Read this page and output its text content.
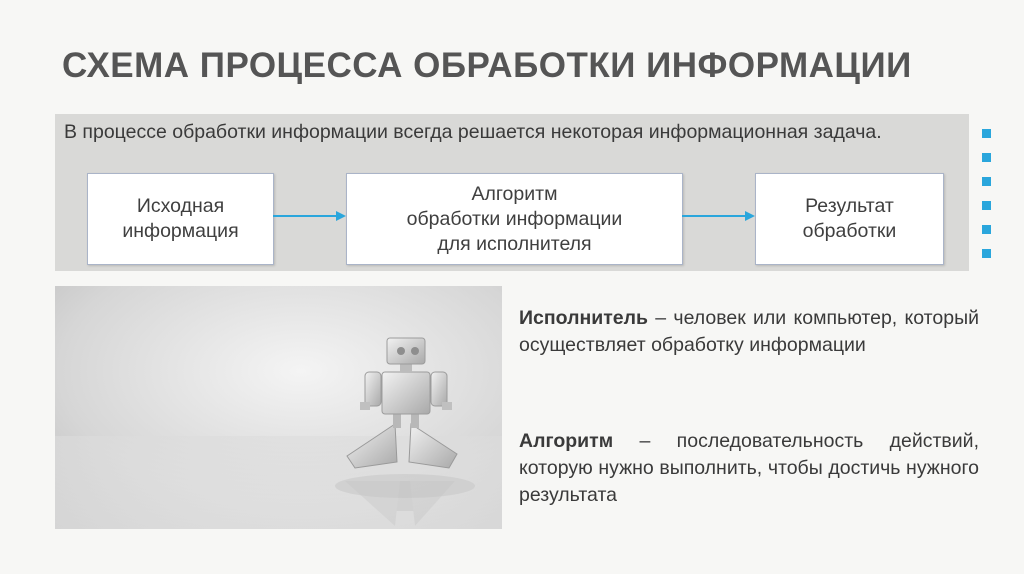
СХЕМА ПРОЦЕССА ОБРАБОТКИ ИНФОРМАЦИИ
В процессе обработки информации всегда решается некоторая информационная задача.
Исходная
информация
Алгоритм
обработки информации
для исполнителя
Результат
обработки
Исполнитель – человек или компьютер, который осуществляет обработку информации
Алгоритм – последовательность действий, которую нужно выполнить, чтобы достичь нужного результата
